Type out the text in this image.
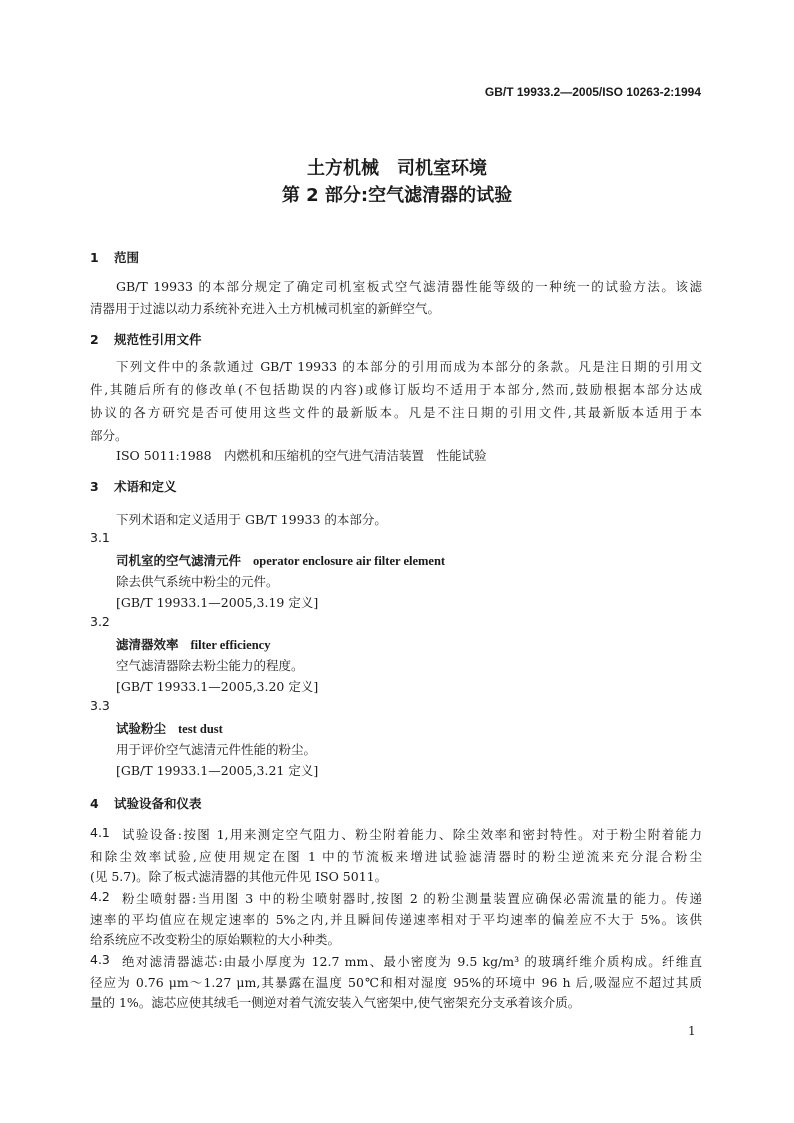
GB/T 19933.2—2005/ISO 10263-2:1994
土方机械　司机室环境
第 2 部分:空气滤清器的试验
1 范围
GB/T 19933 的本部分规定了确定司机室板式空气滤清器性能等级的一种统一的试验方法。该滤
清器用于过滤以动力系统补充进入土方机械司机室的新鲜空气。
2 规范性引用文件
下列文件中的条款通过 GB/T 19933 的本部分的引用而成为本部分的条款。凡是注日期的引用文
件,其随后所有的修改单(不包括勘误的内容)或修订版均不适用于本部分,然而,鼓励根据本部分达成
协议的各方研究是否可使用这些文件的最新版本。凡是不注日期的引用文件,其最新版本适用于本
部分。
ISO 5011:1988　内燃机和压缩机的空气进气清洁装置　性能试验
3 术语和定义
下列术语和定义适用于 GB/T 19933 的本部分。
3.1
司机室的空气滤清元件 operator enclosure air filter element
除去供气系统中粉尘的元件。
[GB/T 19933.1—2005,3.19 定义]
3.2
滤清器效率 filter efficiency
空气滤清器除去粉尘能力的程度。
[GB/T 19933.1—2005,3.20 定义]
3.3
试验粉尘 test dust
用于评价空气滤清元件性能的粉尘。
[GB/T 19933.1—2005,3.21 定义]
4 试验设备和仪表
4.1 试验设备:按图 1,用来测定空气阻力、粉尘附着能力、除尘效率和密封特性。对于粉尘附着能力
和除尘效率试验,应使用规定在图 1 中的节流板来增进试验滤清器时的粉尘逆流来充分混合粉尘
(见 5.7)。除了板式滤清器的其他元件见 ISO 5011。
4.2 粉尘喷射器:当用图 3 中的粉尘喷射器时,按图 2 的粉尘测量装置应确保必需流量的能力。传递
速率的平均值应在规定速率的 5%之内,并且瞬间传递速率相对于平均速率的偏差应不大于 5%。该供
给系统应不改变粉尘的原始颗粒的大小种类。
4.3 绝对滤清器滤芯:由最小厚度为 12.7 mm、最小密度为 9.5 kg/m³ 的玻璃纤维介质构成。纤维直
径应为 0.76 μm～1.27 μm,其暴露在温度 50℃和相对湿度 95%的环境中 96 h 后,吸湿应不超过其质
量的 1%。滤芯应使其绒毛一侧逆对着气流安装入气密架中,使气密架充分支承着该介质。
1
